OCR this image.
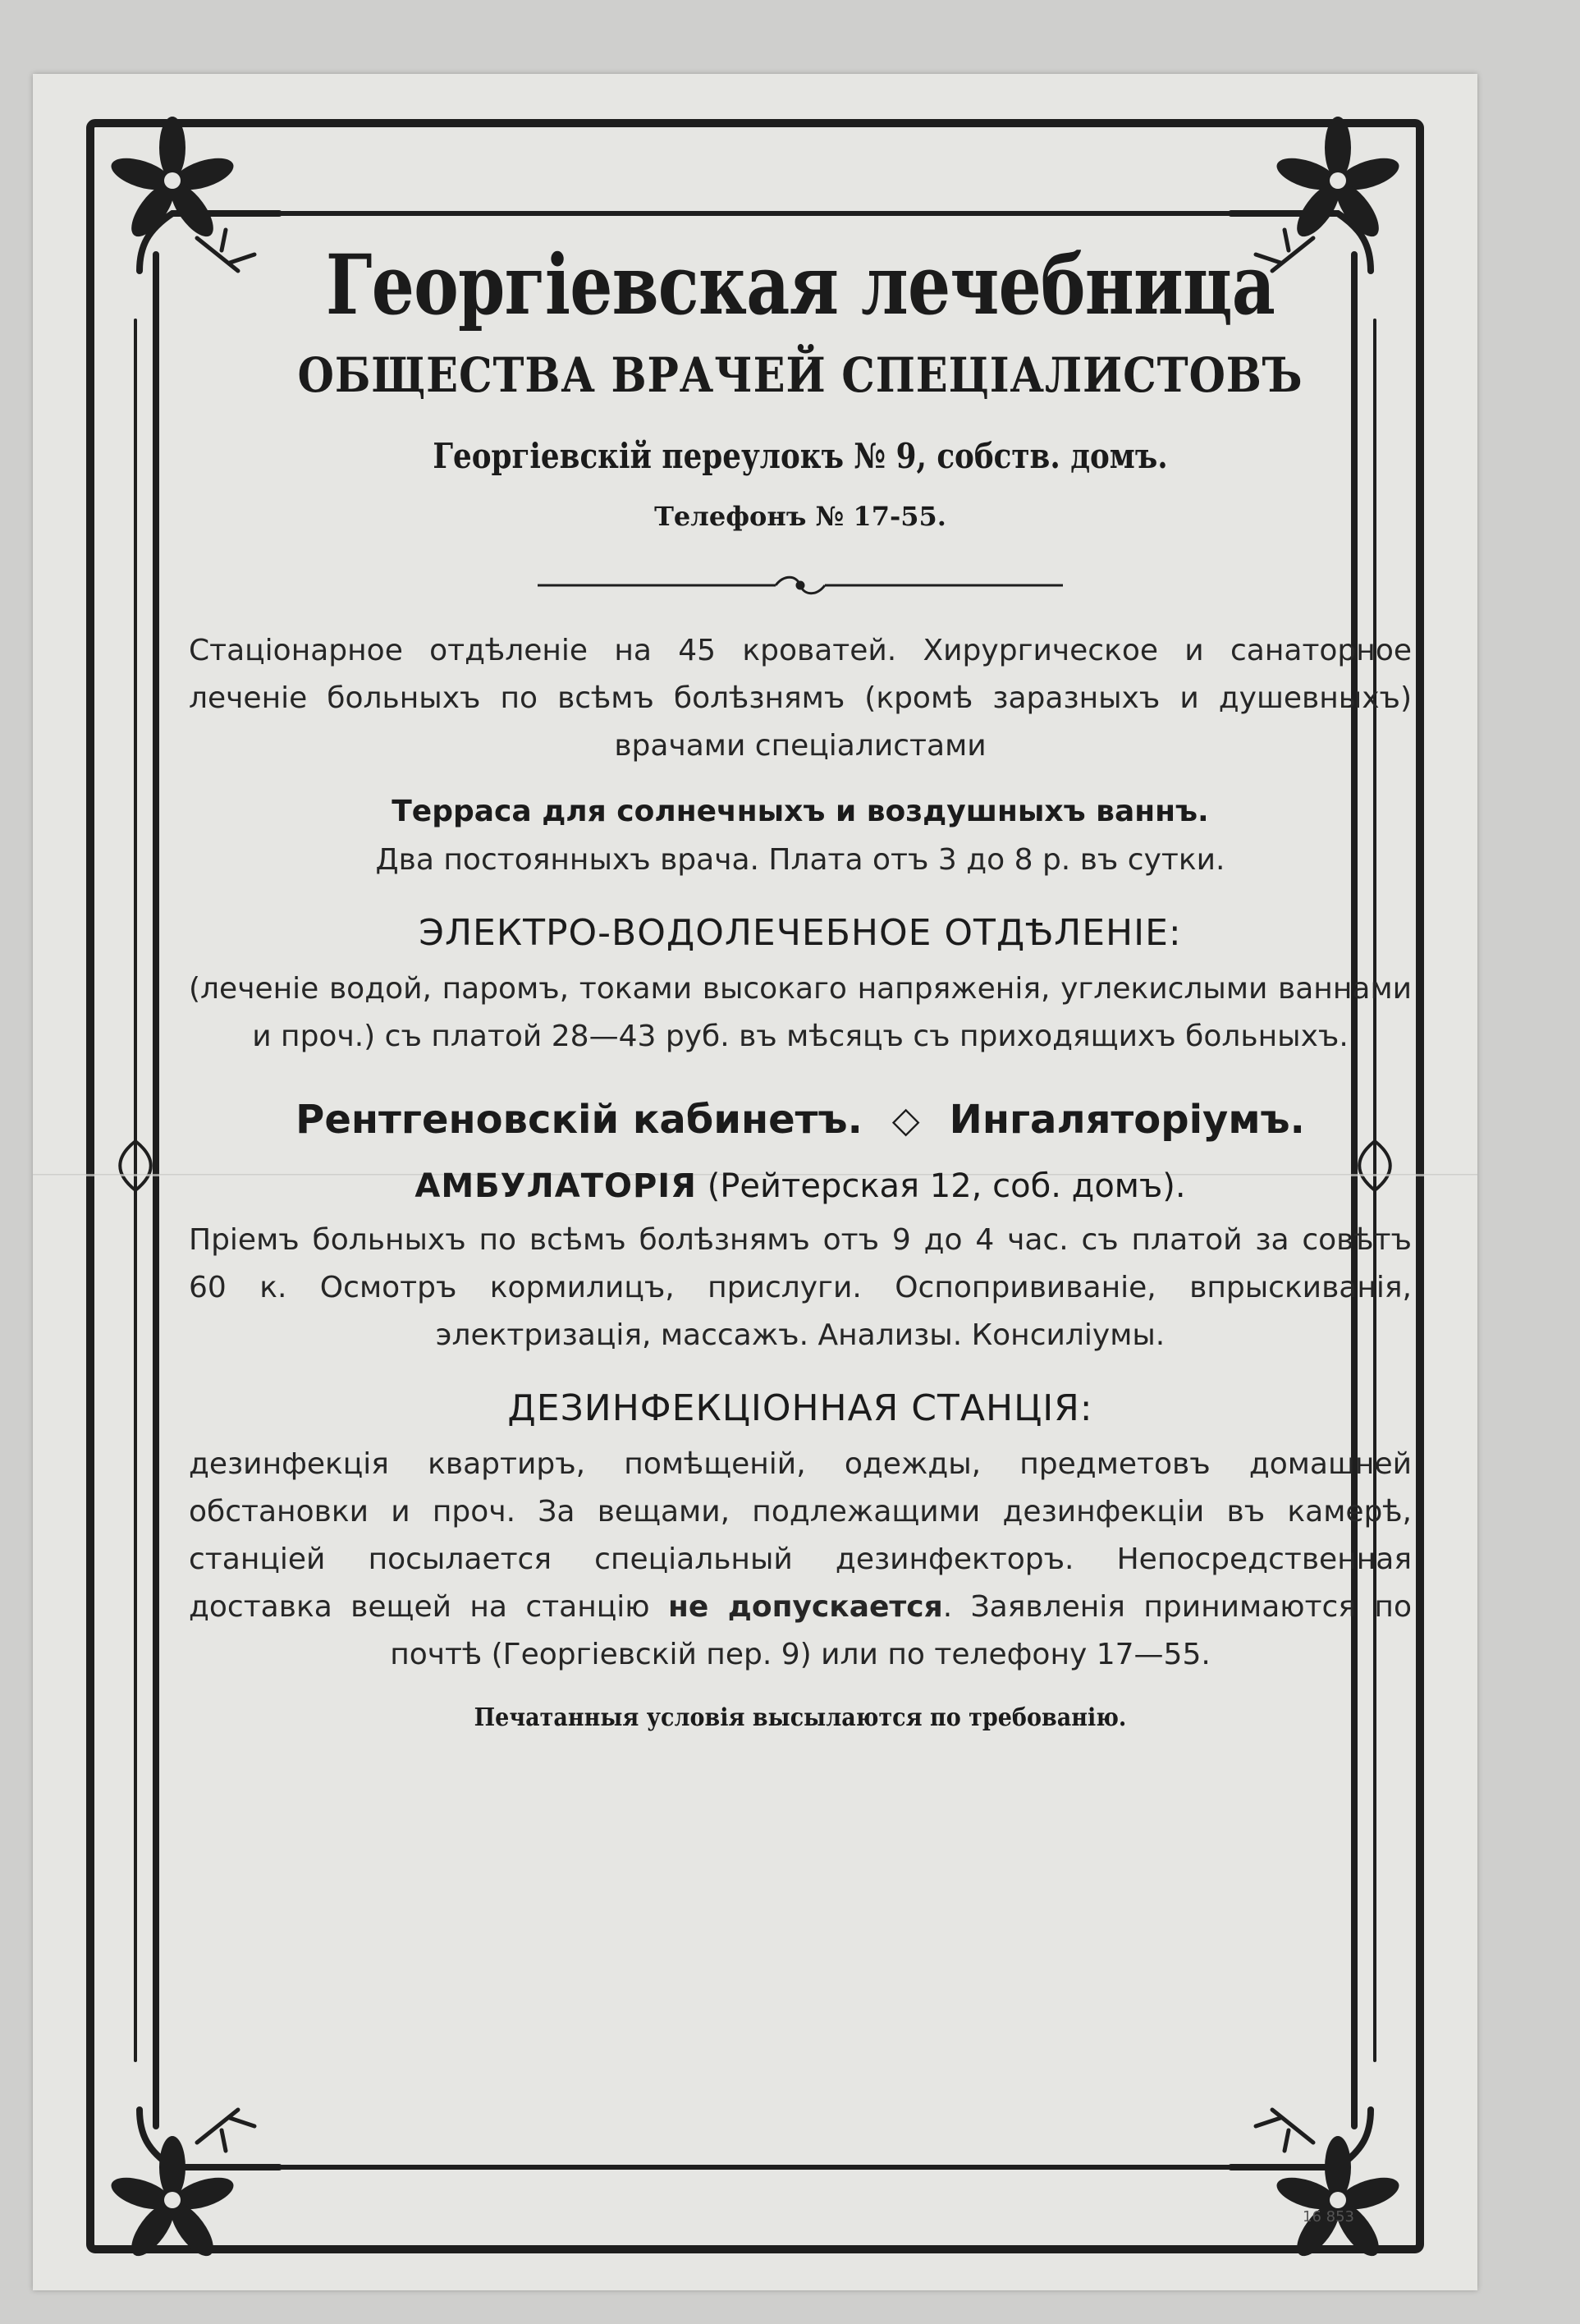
Георгіевская лечебница
ОБЩЕСТВА ВРАЧЕЙ СПЕЦІАЛИСТОВЪ
Георгіевскій переулокъ № 9, собств. домъ.
Телефонъ № 17-55.

Стаціонарное отдѣленіе на 45 кроватей. Хирургическое и санаторное леченіе больныхъ по всѣмъ болѣзнямъ (кромѣ заразныхъ и душевныхъ) врачами спеціалистами

Терраса для солнечныхъ и воздушныхъ ваннъ.

Два постоянныхъ врача. Плата отъ 3 до 8 р. въ сутки.

ЭЛЕКТРО-ВОДОЛЕЧЕБНОЕ ОТДѢЛЕНІЕ:

(леченіе водой, паромъ, токами высокаго напряженія, углекислыми ваннами и проч.) съ платой 28—43 руб. въ мѣсяцъ съ приходящихъ больныхъ.

Рентгеновскій кабинетъ. ◇ Ингаляторіумъ.
АМБУЛАТОРІЯ (Рейтерская 12, соб. домъ).

Пріемъ больныхъ по всѣмъ болѣзнямъ отъ 9 до 4 час. съ платой за совѣтъ 60 к. Осмотръ кормилицъ, прислуги. Оспопрививаніе, впрыскиванія, электризація, массажъ. Анализы. Консиліумы.

ДЕЗИНФЕКЦІОННАЯ СТАНЦІЯ:

дезинфекція квартиръ, помѣщеній, одежды, предметовъ домашней обстановки и проч. За вещами, подлежащими дезинфекціи въ камерѣ, станціей посылается спеціальный дезинфекторъ. Непосредственная доставка вещей на станцію не допускается. Заявленія принимаются по почтѣ (Георгіевскій пер. 9) или по телефону 17—55.

Печатанныя условія высылаются по требованію.
16 853
